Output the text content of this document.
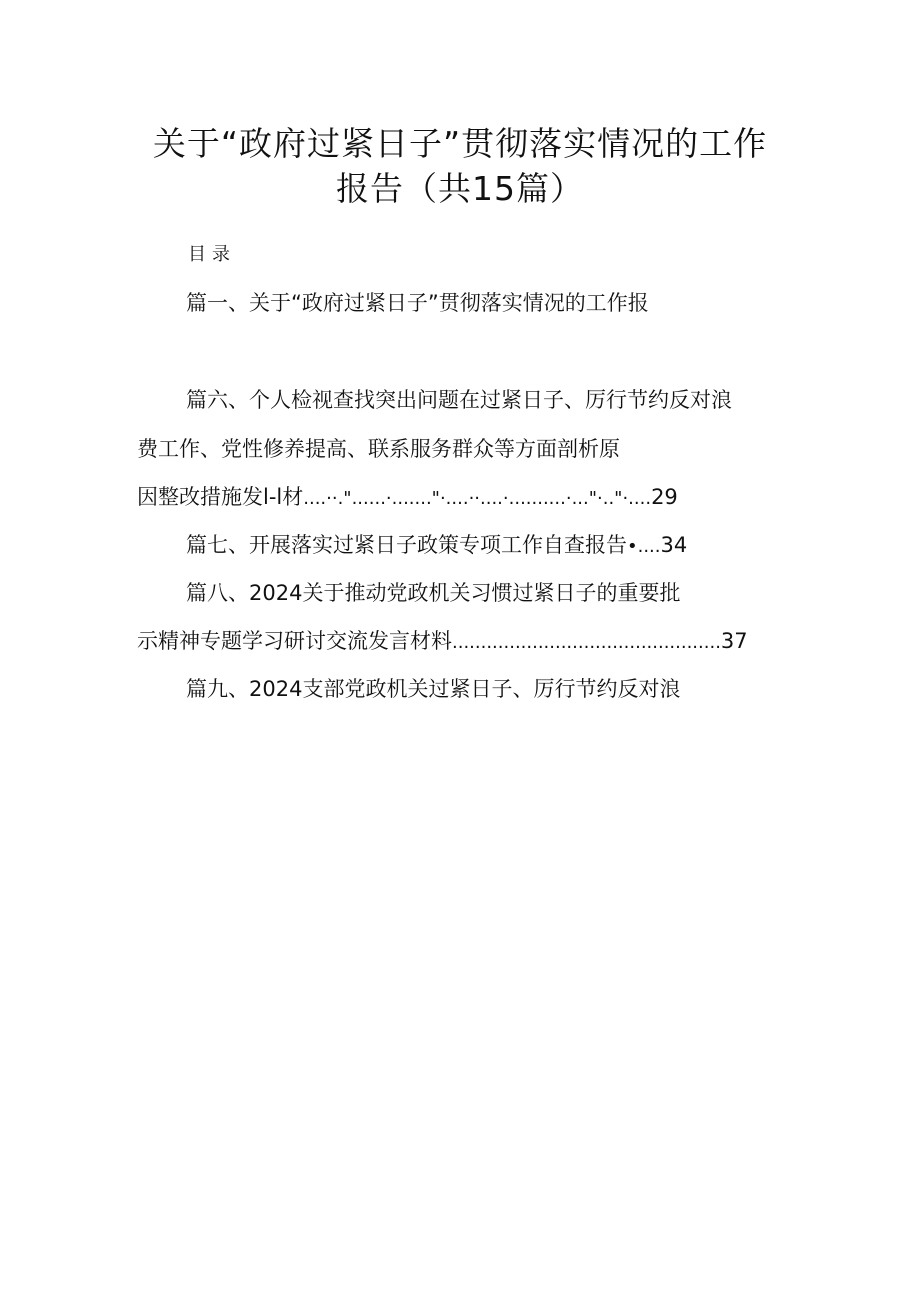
关于“政府过紧日子”贯彻落实情况的工作
报告（共15篇）
目录
篇一、关于“政府过紧日子”贯彻落实情况的工作报
篇六、个人检视查找突出问题在过紧日子、厉行节约反对浪
费工作、党性修养提高、联系服务群众等方面剖析原
因整改措施发l-l材....··."......·......."·....··....·..........·..."·.."·....29
篇七、开展落实过紧日子政策专项工作自查报告•....34
篇八、2024关于推动党政机关习惯过紧日子的重要批
示精神专题学习研讨交流发言材料...............................................37
篇九、2024支部党政机关过紧日子、厉行节约反对浪
